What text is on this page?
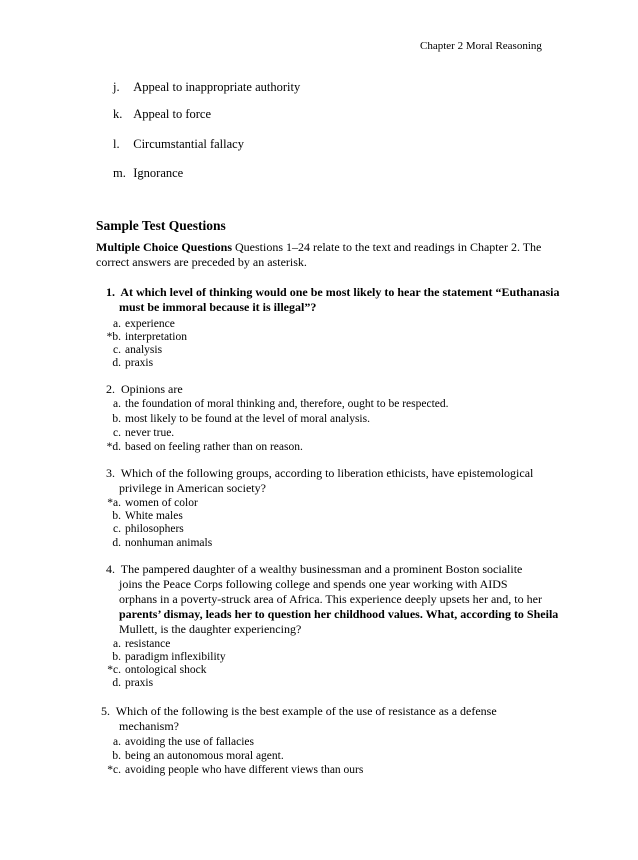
Chapter 2 Moral Reasoning
j. Appeal to inappropriate authority
k. Appeal to force
l. Circumstantial fallacy
m. Ignorance
Sample Test Questions
Multiple Choice Questions Questions 1–24 relate to the text and readings in Chapter 2. The
correct answers are preceded by an asterisk.
1. At which level of thinking would one be most likely to hear the statement “Euthanasia
must be immoral because it is illegal”?
a. experience
*b. interpretation
c. analysis
d. praxis
2. Opinions are
a. the foundation of moral thinking and, therefore, ought to be respected.
b. most likely to be found at the level of moral analysis.
c. never true.
*d. based on feeling rather than on reason.
3. Which of the following groups, according to liberation ethicists, have epistemological
privilege in American society?
*a. women of color
b. White males
c. philosophers
d. nonhuman animals
4. The pampered daughter of a wealthy businessman and a prominent Boston socialite
joins the Peace Corps following college and spends one year working with AIDS
orphans in a poverty-struck area of Africa. This experience deeply upsets her and, to her
parents’ dismay, leads her to question her childhood values. What, according to Sheila
Mullett, is the daughter experiencing?
a. resistance
b. paradigm inflexibility
*c. ontological shock
d. praxis
5. Which of the following is the best example of the use of resistance as a defense
mechanism?
a. avoiding the use of fallacies
b. being an autonomous moral agent.
*c. avoiding people who have different views than ours
